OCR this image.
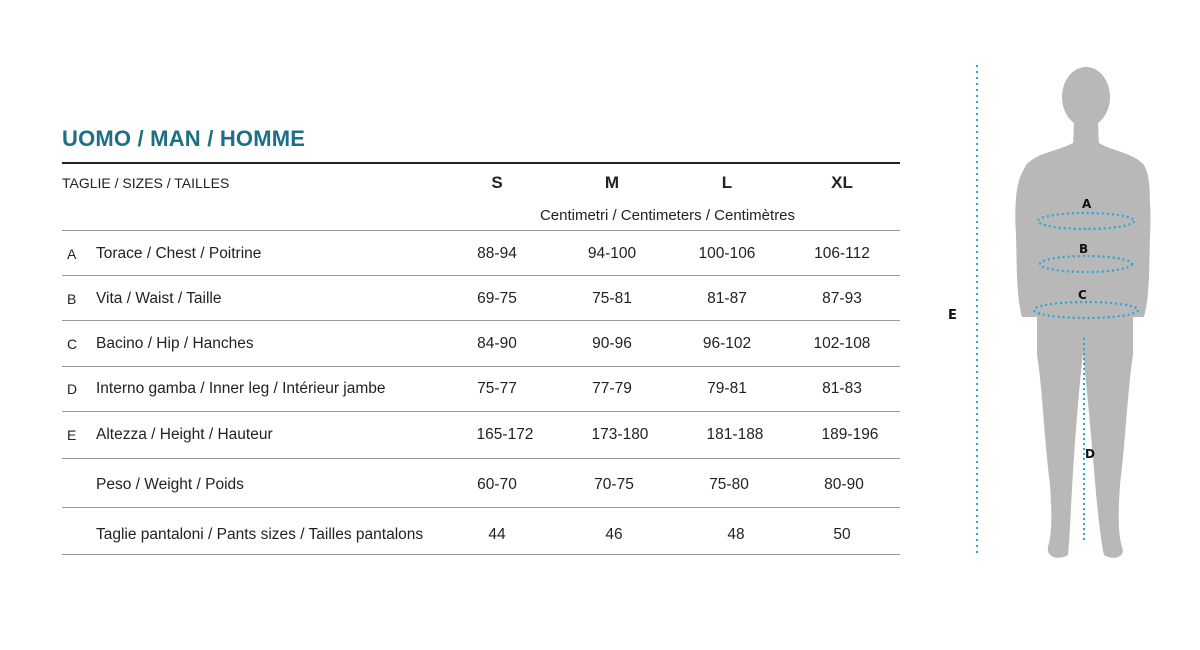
UOMO / MAN / HOMME
TAGLIE / SIZES / TAILLES	S	M	L	XL
Centimetri / Centimeters / Centimètres
A Torace / Chest / Poitrine	88-94	94-100	100-106	106-112
B Vita / Waist / Taille	69-75	75-81	81-87	87-93
C Bacino / Hip / Hanches	84-90	90-96	96-102	102-108
D Interno gamba / Inner leg / Intérieur jambe	75-77	77-79	79-81	81-83
E Altezza / Height / Hauteur	165-172	173-180	181-188	189-196
Peso / Weight / Poids	60-70	70-75	75-80	80-90
Taglie pantaloni / Pants sizes / Tailles pantalons	44	46	48	50
A
B
C
D
E
